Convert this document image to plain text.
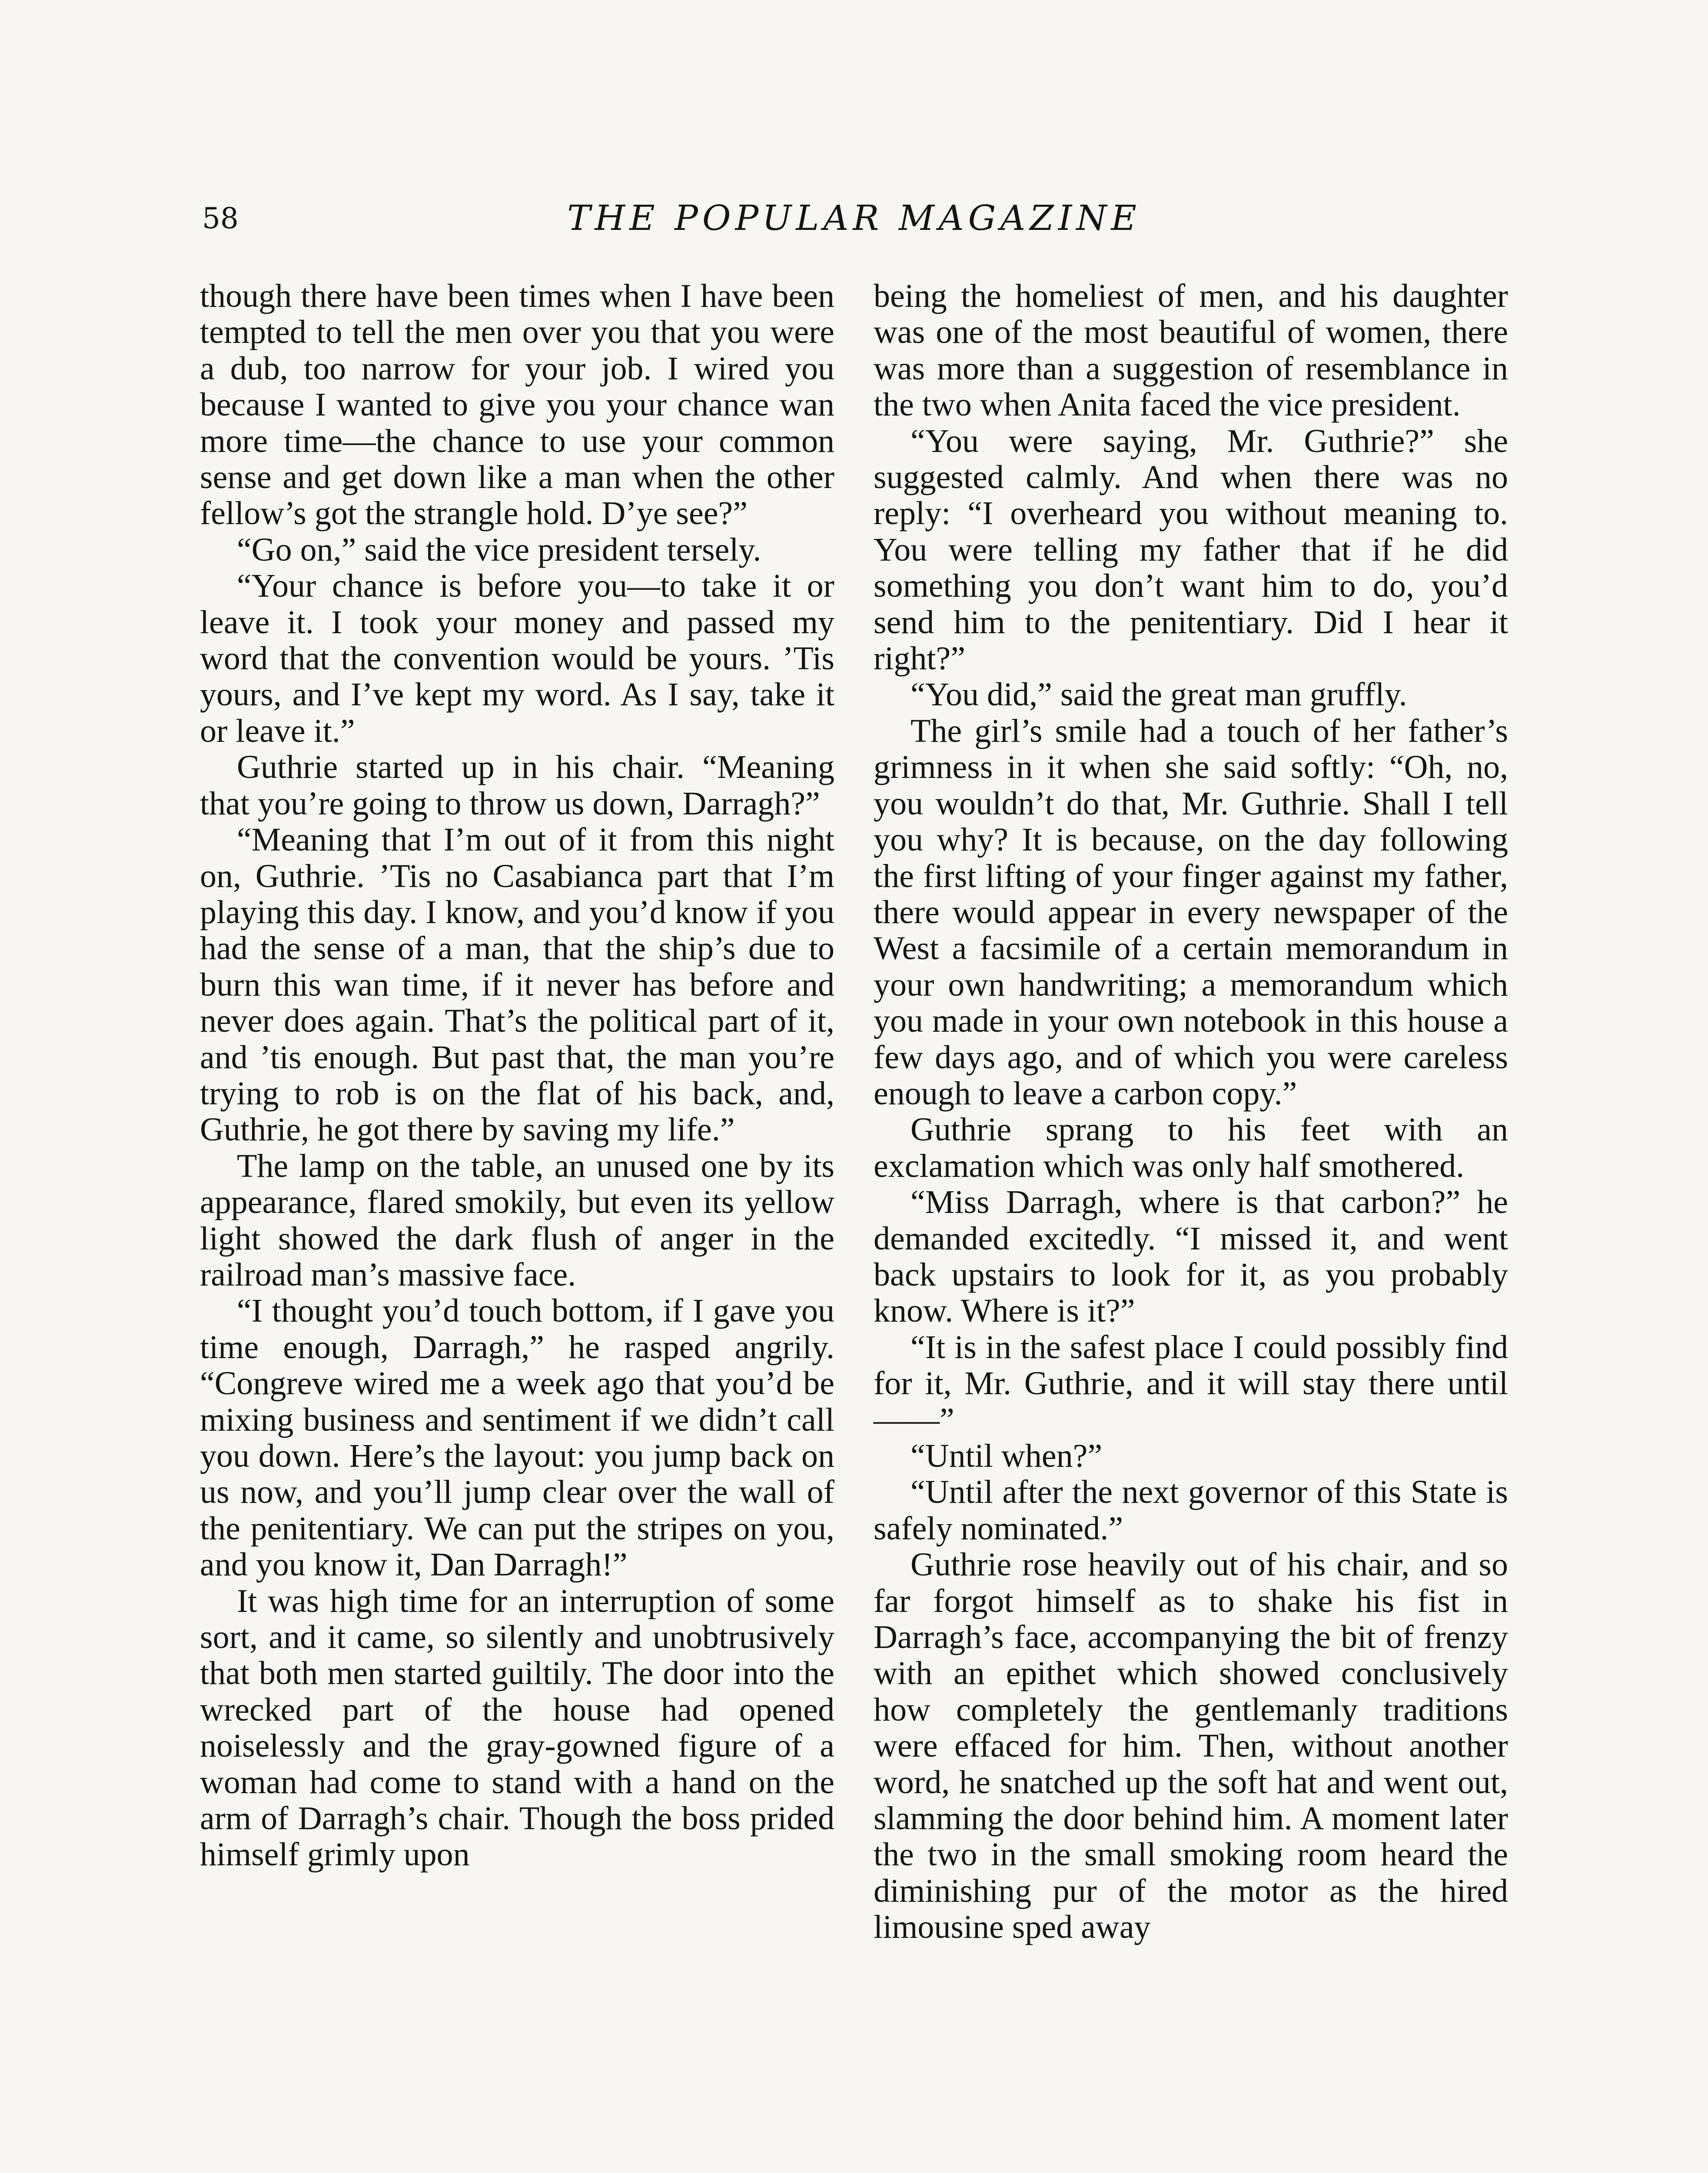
58	THE POPULAR MAGAZINE

though there have been times when I have been tempted to tell the men over you that you were a dub, too narrow for your job. I wired you because I wanted to give you your chance wan more time—the chance to use your common sense and get down like a man when the other fellow’s got the strangle hold. D’ye see?”

“Go on,” said the vice president tersely.

“Your chance is before you—to take it or leave it. I took your money and passed my word that the convention would be yours. ’Tis yours, and I’ve kept my word. As I say, take it or leave it.”

Guthrie started up in his chair. “Meaning that you’re going to throw us down, Darragh?”

“Meaning that I’m out of it from this night on, Guthrie. ’Tis no Casabianca part that I’m playing this day. I know, and you’d know if you had the sense of a man, that the ship’s due to burn this wan time, if it never has before and never does again. That’s the political part of it, and ’tis enough. But past that, the man you’re trying to rob is on the flat of his back, and, Guthrie, he got there by saving my life.”

The lamp on the table, an unused one by its appearance, flared smokily, but even its yellow light showed the dark flush of anger in the railroad man’s massive face.

“I thought you’d touch bottom, if I gave you time enough, Darragh,” he rasped angrily. “Congreve wired me a week ago that you’d be mixing business and sentiment if we didn’t call you down. Here’s the layout: you jump back on us now, and you’ll jump clear over the wall of the penitentiary. We can put the stripes on you, and you know it, Dan Darragh!”

It was high time for an interruption of some sort, and it came, so silently and unobtrusively that both men started guiltily. The door into the wrecked part of the house had opened noiselessly and the gray-gowned figure of a woman had come to stand with a hand on the arm of Darragh’s chair. Though the boss prided himself grimly upon

being the homeliest of men, and his daughter was one of the most beautiful of women, there was more than a suggestion of resemblance in the two when Anita faced the vice president.

“You were saying, Mr. Guthrie?” she suggested calmly. And when there was no reply: “I overheard you without meaning to. You were telling my father that if he did something you don’t want him to do, you’d send him to the penitentiary. Did I hear it right?”

“You did,” said the great man gruffly.

The girl’s smile had a touch of her father’s grimness in it when she said softly: “Oh, no, you wouldn’t do that, Mr. Guthrie. Shall I tell you why? It is because, on the day following the first lifting of your finger against my father, there would appear in every newspaper of the West a facsimile of a certain memorandum in your own handwriting; a memorandum which you made in your own notebook in this house a few days ago, and of which you were careless enough to leave a carbon copy.”

Guthrie sprang to his feet with an exclamation which was only half smothered.

“Miss Darragh, where is that carbon?” he demanded excitedly. “I missed it, and went back upstairs to look for it, as you probably know. Where is it?”

“It is in the safest place I could possibly find for it, Mr. Guthrie, and it will stay there until——”

“Until when?”

“Until after the next governor of this State is safely nominated.”

Guthrie rose heavily out of his chair, and so far forgot himself as to shake his fist in Darragh’s face, accompanying the bit of frenzy with an epithet which showed conclusively how completely the gentlemanly traditions were effaced for him. Then, without another word, he snatched up the soft hat and went out, slamming the door behind him. A moment later the two in the small smoking room heard the diminishing pur of the motor as the hired limousine sped away
